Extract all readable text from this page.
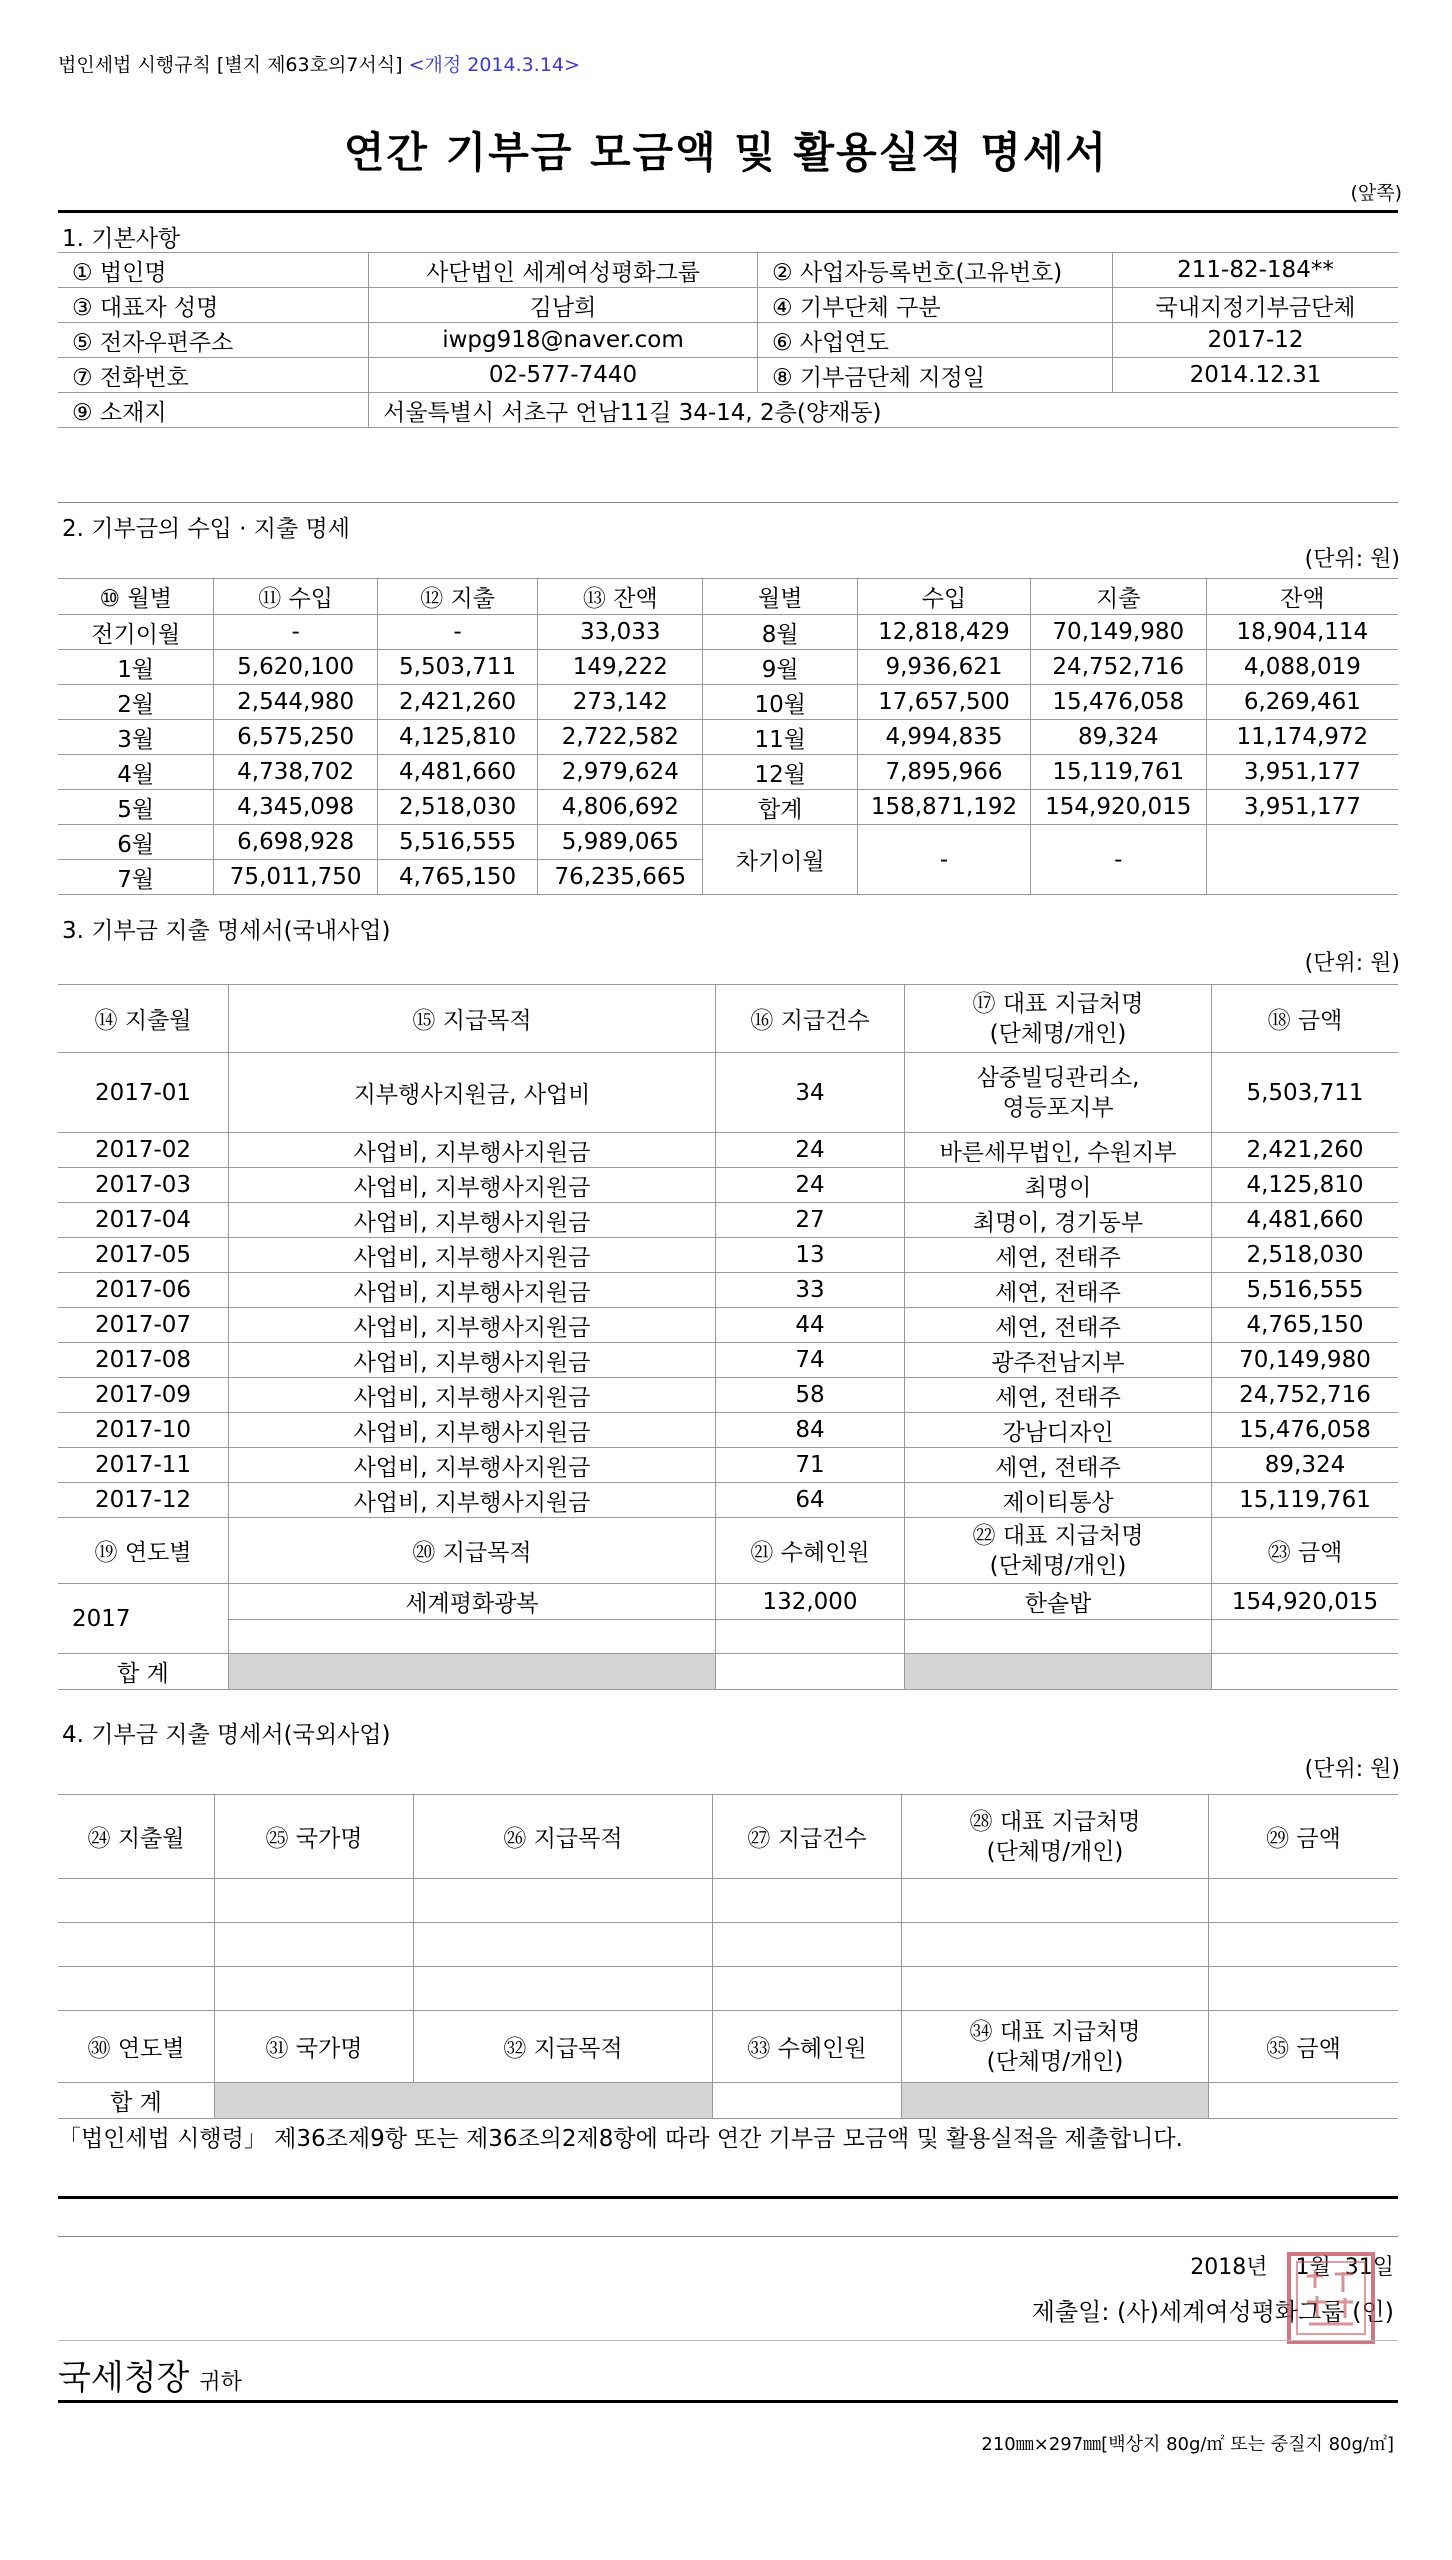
법인세법 시행규칙 [별지 제63호의7서식] <개정 2014.3.14>
연간 기부금 모금액 및 활용실적 명세서
(앞쪽)
1. 기본사항
① 법인명	사단법인 세계여성평화그룹	② 사업자등록번호(고유번호)	211-82-184**
③ 대표자 성명	김남희	④ 기부단체 구분	국내지정기부금단체
⑤ 전자우편주소	iwpg918@naver.com	⑥ 사업연도	2017-12
⑦ 전화번호	02-577-7440	⑧ 기부금단체 지정일	2014.12.31
⑨ 소재지	서울특별시 서초구 언남11길 34-14, 2층(양재동)		
2. 기부금의 수입 · 지출 명세
(단위: 원)
⑩ 월별	⑪ 수입	⑫ 지출	⑬ 잔액	월별	수입	지출	잔액
전기이월	-	-	33,033	8월	12,818,429	70,149,980	18,904,114
1월	5,620,100	5,503,711	149,222	9월	9,936,621	24,752,716	4,088,019
2월	2,544,980	2,421,260	273,142	10월	17,657,500	15,476,058	6,269,461
3월	6,575,250	4,125,810	2,722,582	11월	4,994,835	89,324	11,174,972
4월	4,738,702	4,481,660	2,979,624	12월	7,895,966	15,119,761	3,951,177
5월	4,345,098	2,518,030	4,806,692	합계	158,871,192	154,920,015	3,951,177
6월	6,698,928	5,516,555	5,989,065	차기이월	-	-	
7월	75,011,750	4,765,150	76,235,665				
3. 기부금 지출 명세서(국내사업)
(단위: 원)
⑭ 지출월	⑮ 지급목적	⑯ 지급건수	⑰ 대표 지급처명
(단체명/개인)	⑱ 금액
2017-01	지부행사지원금, 사업비	34	삼중빌딩관리소,
영등포지부	5,503,711
2017-02	사업비, 지부행사지원금	24	바른세무법인, 수원지부	2,421,260
2017-03	사업비, 지부행사지원금	24	최명이	4,125,810
2017-04	사업비, 지부행사지원금	27	최명이, 경기동부	4,481,660
2017-05	사업비, 지부행사지원금	13	세연, 전태주	2,518,030
2017-06	사업비, 지부행사지원금	33	세연, 전태주	5,516,555
2017-07	사업비, 지부행사지원금	44	세연, 전태주	4,765,150
2017-08	사업비, 지부행사지원금	74	광주전남지부	70,149,980
2017-09	사업비, 지부행사지원금	58	세연, 전태주	24,752,716
2017-10	사업비, 지부행사지원금	84	강남디자인	15,476,058
2017-11	사업비, 지부행사지원금	71	세연, 전태주	89,324
2017-12	사업비, 지부행사지원금	64	제이티통상	15,119,761
⑲ 연도별	⑳ 지급목적	㉑ 수혜인원	㉒ 대표 지급처명
(단체명/개인)	㉓ 금액
2017	세계평화광복	132,000	한솥밥	154,920,015

합 계				
4. 기부금 지출 명세서(국외사업)
(단위: 원)
㉔ 지출월	㉕ 국가명	㉖ 지급목적	㉗ 지급건수	㉘ 대표 지급처명
(단체명/개인)	㉙ 금액

㉚ 연도별	㉛ 국가명	㉜ 지급목적	㉝ 수혜인원	㉞ 대표 지급처명
(단체명/개인)	㉟ 금액
합 계					
「법인세법 시행령」 제36조제9항 또는 제36조의2제8항에 따라 연간 기부금 모금액 및 활용실적을 제출합니다.
2018년 1월 31일
제출일: (사)세계여성평화그룹 (인)
국세청장 귀하
210㎜×297㎜[백상지 80g/㎡ 또는 중질지 80g/㎡]
